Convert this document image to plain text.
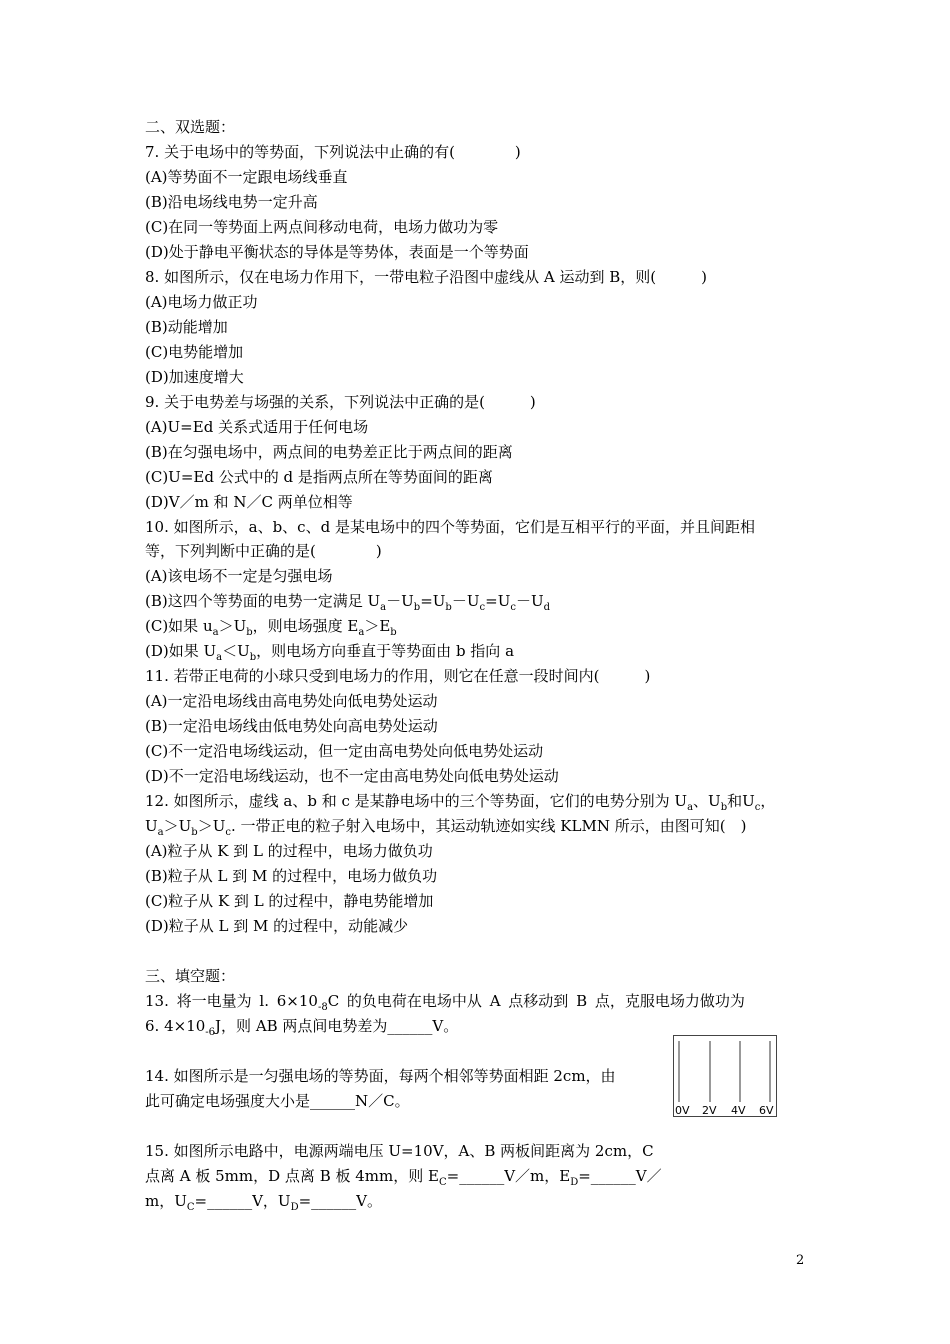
二、双选题：
7. 关于电场中的等势面，下列说法中止确的有(　　　　)
(A)等势面不一定跟电场线垂直
(B)沿电场线电势一定升高
(C)在同一等势面上两点间移动电荷，电场力做功为零
(D)处于静电平衡状态的导体是等势体，表面是一个等势面
8. 如图所示，仅在电场力作用下，一带电粒子沿图中虚线从 A 运动到 B，则(　　　)
(A)电场力做正功
(B)动能增加
(C)电势能增加
(D)加速度增大
9. 关于电势差与场强的关系，下列说法中正确的是(　　　)
(A)U=Ed 关系式适用于任何电场
(B)在匀强电场中，两点间的电势差正比于两点间的距离
(C)U=Ed 公式中的 d 是指两点所在等势面间的距离
(D)V／m 和 N／C 两单位相等
10. 如图所示，a、b、c、d 是某电场中的四个等势面，它们是互相平行的平面，并且间距相
等，下列判断中正确的是(　　　　)
(A)该电场不一定是匀强电场
(B)这四个等势面的电势一定满足 $U_a-U_b=U_b-U_c=U_c-U_d$
(C)如果 $u_a>U_b$，则电场强度 $E_a>E_b$
(D)如果 $U_a<U_b$，则电场方向垂直于等势面由 b 指向 a
11. 若带正电荷的小球只受到电场力的作用，则它在任意一段时间内(　　　)
(A)一定沿电场线由高电势处向低电势处运动
(B)一定沿电场线由低电势处向高电势处运动
(C)不一定沿电场线运动，但一定由高电势处向低电势处运动
(D)不一定沿电场线运动，也不一定由高电势处向低电势处运动
12. 如图所示，虚线 a、b 和 c 是某静电场中的三个等势面，它们的电势分别为 $U_a$、$U_b$和$U_c$，
$U_a>U_b>U_c$. 一带正电的粒子射入电场中，其运动轨迹如实线 KLMN 所示，由图可知(　)
(A)粒子从 K 到 L 的过程中，电场力做负功
(B)粒子从 L 到 M 的过程中，电场力做负功
(C)粒子从 K 到 L 的过程中，静电势能增加
(D)粒子从 L 到 M 的过程中，动能减少
三、填空题：
13. 将一电量为 l. $6\times 10_{-8}C$ 的负电荷在电场中从 A 点移动到 B 点，克服电场力做功为
6. $4\times 10_{-6}J$，则 AB 两点间电势差为______V。
14. 如图所示是一匀强电场的等势面，每两个相邻等势面相距 2cm，由
此可确定电场强度大小是______N／C。
0V 2V 4V 6V
15. 如图所示电路中，电源两端电压 U=10V，A、B 两板间距离为 2cm，C
点离 A 板 5mm，D 点离 B 板 4mm，则 $E_C=\_\_\_\_\_\_V/m$，$E_D=\_\_\_\_\_\_V/$
m，$U_C=\_\_\_\_\_\_V$，$U_D=\_\_\_\_\_\_V$。
2
